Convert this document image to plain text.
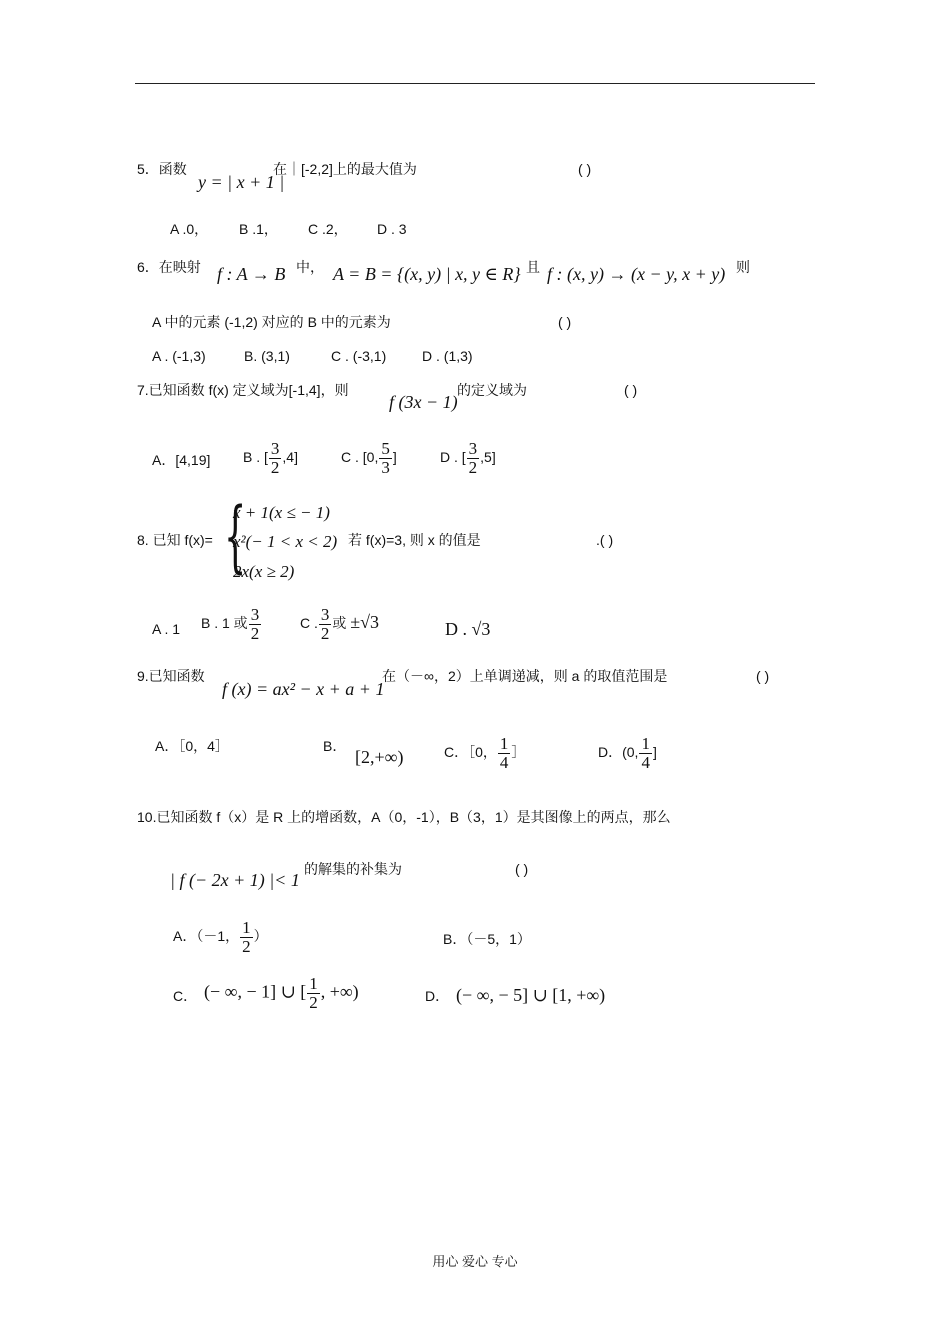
5．函数
y = | x + 1 |
在｜[-2,2]上的最大值为	( )
A .0， B .1， C .2， D . 3
6．在映射 f : A → B 中， A = B = {(x, y) | x, y ∈ R} 且 f : (x, y) → (x − y, x + y) 则
A 中的元素 (-1,2) 对应的 B 中的元素为	( )
A . (-1,3)	B. (3,1)	C . (-3,1)	D . (1,3)
7.已知函数 f(x) 定义域为[-1,4]，则
f (3x − 1)
的定义域为	( )
A．[4,19] B . [ $\frac{3}{2} ,4$]	C . [0, $\frac{5}{3}$ ]	D . [ $\frac{3}{2} ,5$]
8. 已知 f(x)= {
x + 1(x ≤ − 1)
x²(− 1 < x < 2)
2x(x ≥ 2)
若 f(x)=3, 则 x 的值是	.( )
A . 1 B . 1 或 $\frac{3}{2}$	C . $\frac{3}{2}$ 或 ±√3	D . √3
9.已知函数
f (x) = ax² − x + a + 1
在（－∞，2）上单调递减，则 a 的取值范围是	( )
A．［0，4］	B．
[2,+∞)	C．［0， $\frac{1}{4}$ ］	D．(0, $\frac{1}{4}$ ]
10.已知函数 f（x）是 R 上的增函数，A（0，-1），B（3，1）是其图像上的两点，那么
| f (− 2x + 1) |< 1
的解集的补集为	( )
A．（－1， $\frac{1}{2}$ ）	B．（－5，1）
C． (− ∞, − 1] ∪ [ $\frac{1}{2}$ , +∞)	D． (− ∞, − 5] ∪ [1, +∞)
用心 爱心 专心
